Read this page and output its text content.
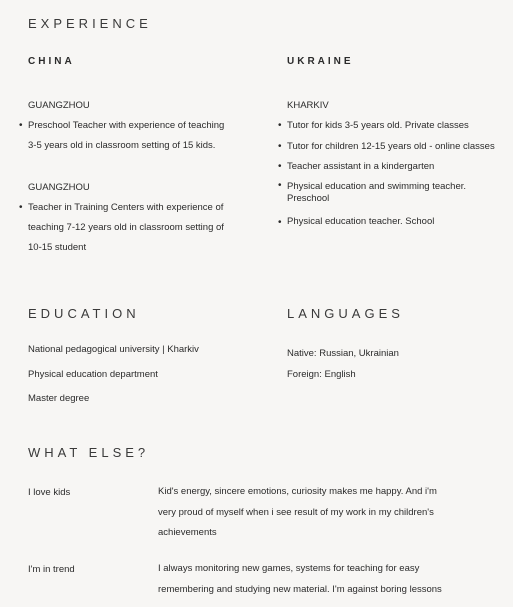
EXPERIENCE
CHINA
GUANGZHOU
• Preschool Teacher with experience of teaching
3-5 years old in classroom setting of 15 kids.
GUANGZHOU
• Teacher in Training Centers with experience of
teaching 7-12 years old in classroom setting of
10-15 student
UKRAINE
KHARKIV
• Tutor for kids 3-5 years old. Private classes
• Tutor for children 12-15 years old - online classes
• Teacher assistant in a kindergarten
• Physical education and swimming teacher.
Preschool
• Physical education teacher. School
EDUCATION
National pedagogical university | Kharkiv
Physical education department
Master degree
LANGUAGES
Native: Russian, Ukrainian
Foreign: English
WHAT ELSE?
I love kids	Kid's energy, sincere emotions, curiosity makes me happy. And i'm
very proud of myself when i see result of my work in my children's
achievements
I'm in trend	I always monitoring new games, systems for teaching for easy
remembering and studying new material. I'm against boring lessons
